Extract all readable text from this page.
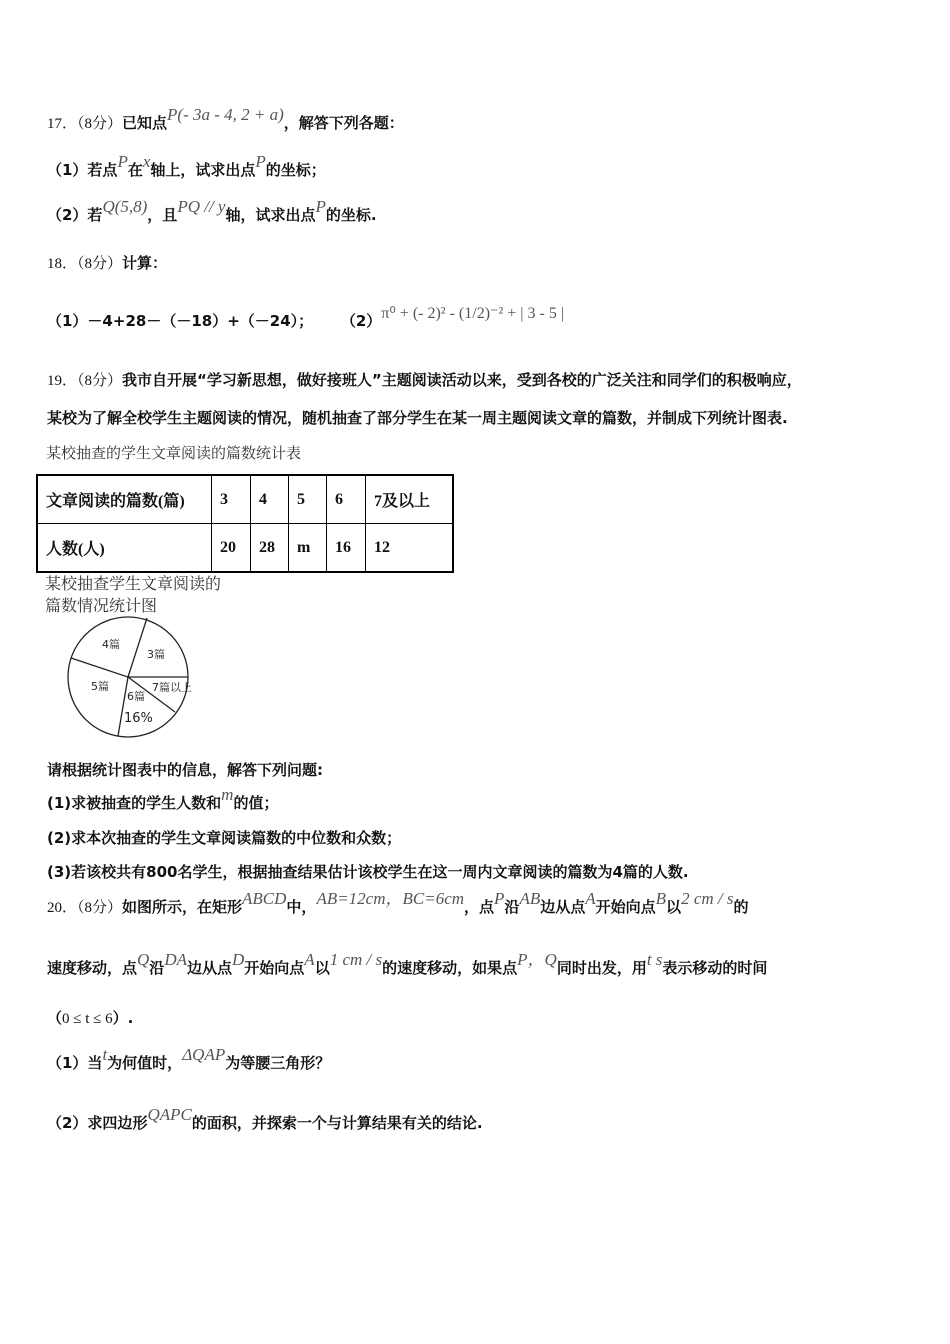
某校抽查的学生文章阅读的篇数统计表
文章阅读的篇数(篇)	3	4	5	6	7及以上
人数(人)	20	28	m	16	12
某校抽查学生文章阅读的
篇数情况统计图
4篇
3篇
5篇
6篇
7篇以上
16%
17．（8分）已知点P(- 3a - 4, 2 + a)，解答下列各题：
（1）若点P在x轴上，试求出点P的坐标；
（2）若Q(5,8)，且PQ // y轴，试求出点P的坐标.
18．（8分）计算：
（1）－4+28－（－18）+（－24）；　　 （2）π⁰ + (- 2)² - (1/2)⁻² + | 3 - 5 |
19．（8分）我市自开展“学习新思想，做好接班人”主题阅读活动以来，受到各校的广泛关注和同学们的积极响应，
某校为了解全校学生主题阅读的情况，随机抽查了部分学生在某一周主题阅读文章的篇数，并制成下列统计图表.
请根据统计图表中的信息，解答下列问题:
(1)求被抽查的学生人数和m的值；
(2)求本次抽查的学生文章阅读篇数的中位数和众数；
(3)若该校共有800名学生，根据抽查结果估计该校学生在这一周内文章阅读的篇数为4篇的人数.
20．（8分）如图所示，在矩形ABCD中，AB=12cm，BC=6cm，点P沿AB边从点A开始向点B以2 cm / s的
速度移动，点Q沿DA边从点D开始向点A以1 cm / s的速度移动，如果点P，Q同时出发，用t s表示移动的时间
（0 ≤ t ≤ 6）.
（1）当t为何值时，ΔQAP为等腰三角形？
（2）求四边形QAPC的面积，并探索一个与计算结果有关的结论.
